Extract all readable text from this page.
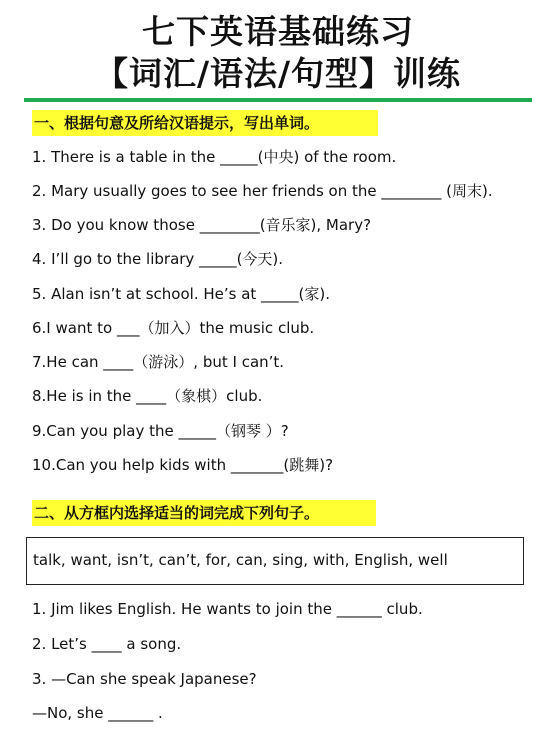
七下英语基础练习
【词汇/语法/句型】训练
一、根据句意及所给汉语提示，写出单词。
1. There is a table in the _____(中央) of the room.
2. Mary usually goes to see her friends on the ________ (周末).
3. Do you know those ________(音乐家), Mary?
4. I’ll go to the library _____(今天).
5. Alan isn’t at school. He’s at _____(家).
6.I want to ___（加入）the music club.
7.He can ____（游泳）, but I can’t.
8.He is in the ____（象棋）club.
9.Can you play the _____（钢琴 ）?
10.Can you help kids with _______(跳舞)?
二、从方框内选择适当的词完成下列句子。
talk, want, isn’t, can’t, for, can, sing, with, English, well
1. Jim likes English. He wants to join the ______ club.
2. Let’s ____ a song.
3. —Can she speak Japanese?
—No, she ______ .
